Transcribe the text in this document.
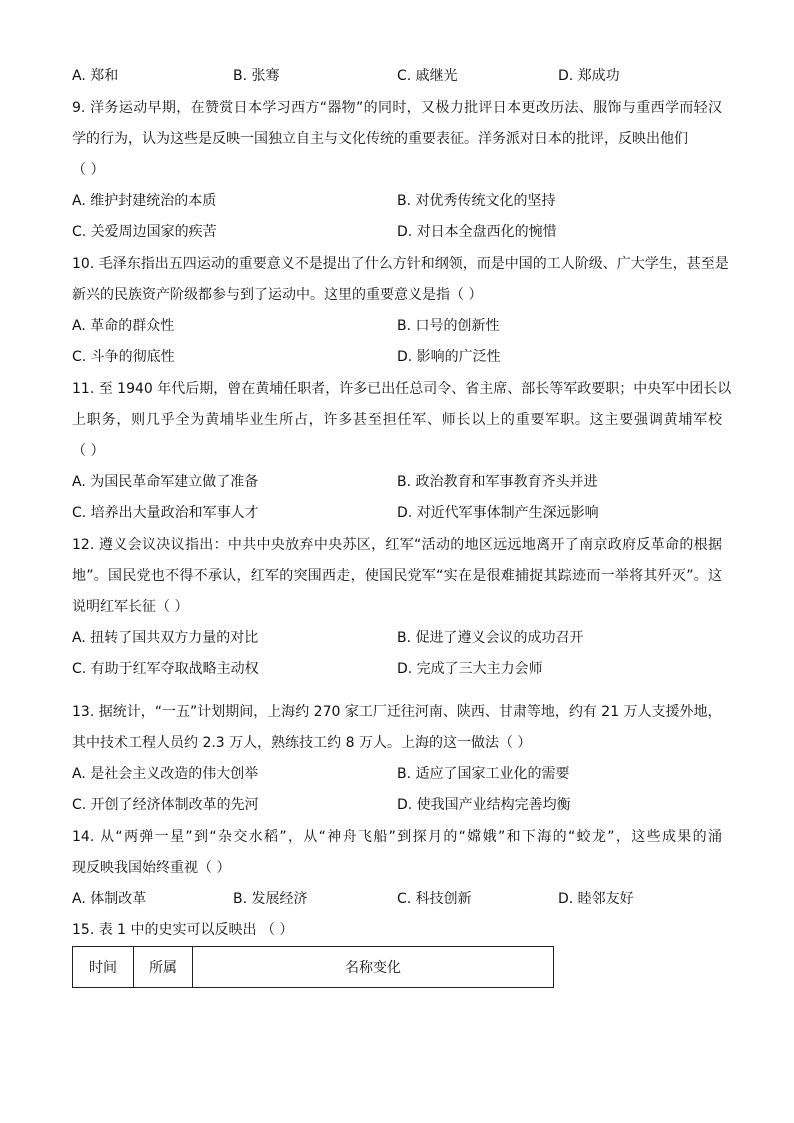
A. 郑和	B. 张骞	C. 戚继光	D. 郑成功
9. 洋务运动早期，在赞赏日本学习西方“器物”的同时，又极力批评日本更改历法、服饰与重西学而轻汉
学的行为，认为这些是反映一国独立自主与文化传统的重要表征。洋务派对日本的批评，反映出他们
（ ）
A. 维护封建统治的本质	B. 对优秀传统文化的坚持
C. 关爱周边国家的疾苦	D. 对日本全盘西化的惋惜
10. 毛泽东指出五四运动的重要意义不是提出了什么方针和纲领，而是中国的工人阶级、广大学生，甚至是
新兴的民族资产阶级都参与到了运动中。这里的重要意义是指（ ）
A. 革命的群众性	B. 口号的创新性
C. 斗争的彻底性	D. 影响的广泛性
11. 至 1940 年代后期，曾在黄埔任职者，许多已出任总司令、省主席、部长等军政要职；中央军中团长以
上职务，则几乎全为黄埔毕业生所占，许多甚至担任军、师长以上的重要军职。这主要强调黄埔军校
（ ）
A. 为国民革命军建立做了准备	B. 政治教育和军事教育齐头并进
C. 培养出大量政治和军事人才	D. 对近代军事体制产生深远影响
12. 遵义会议决议指出：中共中央放弃中央苏区，红军“活动的地区远远地离开了南京政府反革命的根据
地”。国民党也不得不承认，红军的突围西走，使国民党军“实在是很难捕捉其踪迹而一举将其歼灭”。这
说明红军长征（ ）
A. 扭转了国共双方力量的对比	B. 促进了遵义会议的成功召开
C. 有助于红军夺取战略主动权	D. 完成了三大主力会师
13. 据统计，“一五”计划期间，上海约 270 家工厂迁往河南、陕西、甘肃等地，约有 21 万人支援外地，
其中技术工程人员约 2.3 万人，熟练技工约 8 万人。上海的这一做法（ ）
A. 是社会主义改造的伟大创举	B. 适应了国家工业化的需要
C. 开创了经济体制改革的先河	D. 使我国产业结构完善均衡
14. 从“两弹一星”到“杂交水稻”，从“神舟飞船”到探月的“嫦娥”和下海的“蛟龙”，这些成果的涌
现反映我国始终重视（ ）
A. 体制改革	B. 发展经济	C. 科技创新	D. 睦邻友好
15. 表 1 中的史实可以反映出 （ ）
时间	所属	名称变化
